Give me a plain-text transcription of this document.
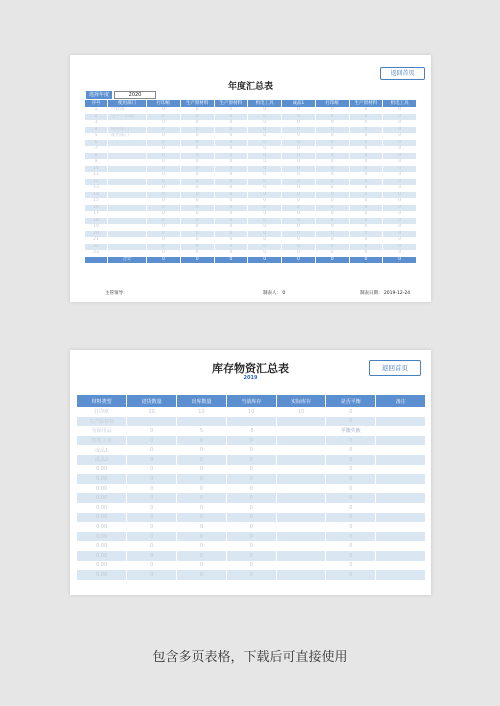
年度汇总表
返回首页
选择年度	2020
序号	使用部门	打印纸	生产原材料	生产原材料	机电工具	成品1	打印纸	生产原材料	机电工具
1	行政部	0	0	0	0	0	0	0	0
2	生产一车间	0	0	0	0	0	0	0	0
3		0	0	0	0	0	0	0	0
4	使用部门	0	0	0	0	0	0	0	0
5	使用部门	0	0	0	0	0	0	0	0
6		0	0	0	0	0	0	0	0
7		0	0	0	0	0	0	0	0
8		0	0	0	0	0	0	0	0
9		0	0	0	0	0	0	0	0
10		0	0	0	0	0	0	0	0
11		0	0	0	0	0	0	0	0
12		0	0	0	0	0	0	0	0
13		0	0	0	0	0	0	0	0
14		0	0	0	0	0	0	0	0
15		0	0	0	0	0	0	0	0
16		0	0	0	0	0	0	0	0
17		0	0	0	0	0	0	0	0
18		0	0	0	0	0	0	0	0
19		0	0	0	0	0	0	0	0
20		0	0	0	0	0	0	0	0
21		0	0	0	0	0	0	0	0
22		0	0	0	0	0	0	0	0
23		0	0	0	0	0	0	0	0
	合计	0	0	0	0	0	0	0	0
主管领导：	制表人： 0	制表日期： 2019-12-24
库存物资汇总表
2019
返回首页
材料类型	进货数量	出库数量	当前库存	实际库存	是否平衡	备注
打印纸	20	10	10	10	0	
生产原材料					0	
劳保用品	0	5	-5		平衡失败	
机电工具	0	0	0		0	
成品1	0	0	0		0	
成品2	0	0	0		0	
0.00	0	0	0		0	
0.00	0	0	0		0	
0.00	0	0	0		0	
0.00	0	0	0		0	
0.00	0	0	0		0	
0.00	0	0	0		0	
0.00	0	0	0		0	
0.00	0	0	0		0	
0.00	0	0	0		0	
0.00	0	0	0		0	
0.00	0	0	0		0	
0.00	0	0	0		0	
包含多页表格，下载后可直接使用
